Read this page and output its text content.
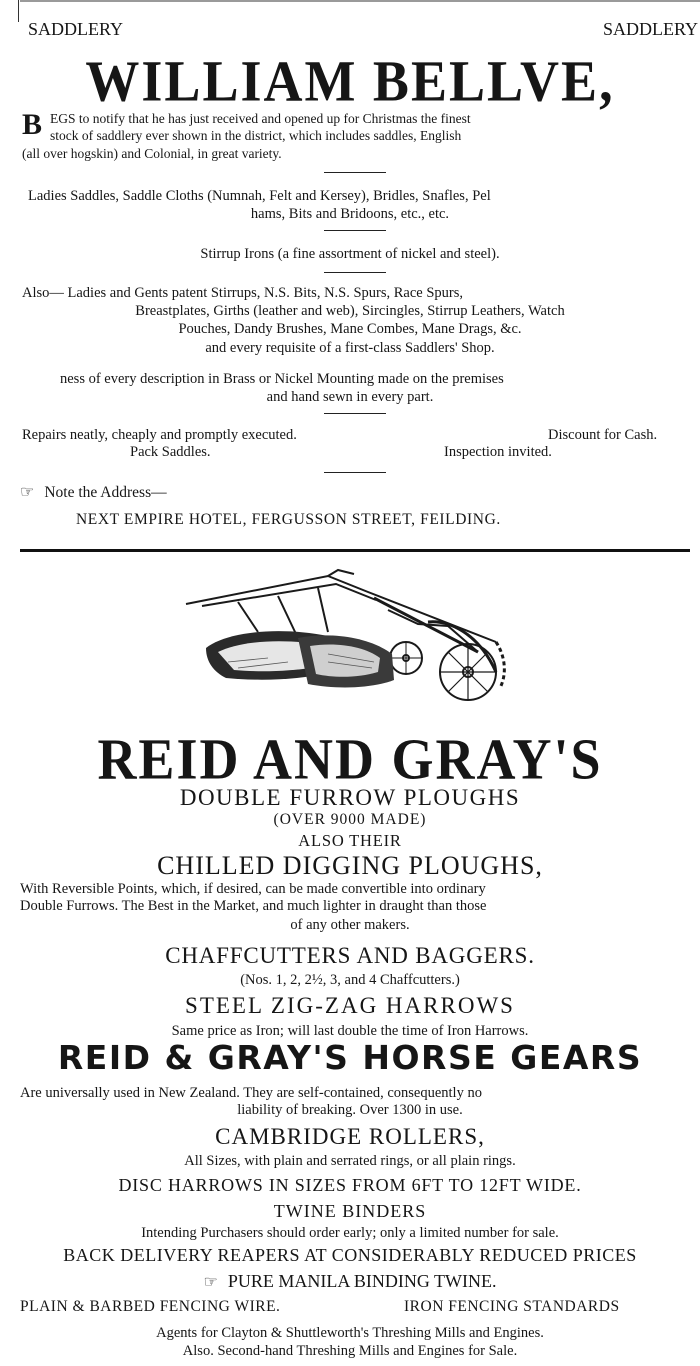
SADDLERY	SADDLERY
WILLIAM BELLVE,
B EGS to notify that he has just received and opened up for Christmas the finest
stock of saddlery ever shown in the district, which includes saddles, English
(all over hogskin) and Colonial, in great variety.
Ladies Saddles, Saddle Cloths (Numnah, Felt and Kersey), Bridles, Snafles, Pel
hams, Bits and Bridoons, etc., etc.
Stirrup Irons (a fine assortment of nickel and steel).
Also— Ladies and Gents patent Stirrups, N.S. Bits, N.S. Spurs, Race Spurs,
Breastplates, Girths (leather and web), Sircingles, Stirrup Leathers, Watch
Pouches, Dandy Brushes, Mane Combes, Mane Drags, &c.
and every requisite of a first-class Saddlers' Shop.
ness of every description in Brass or Nickel Mounting made on the premises
and hand sewn in every part.
Repairs neatly, cheaply and promptly executed.	Discount for Cash.
Pack Saddles.	Inspection invited.
☞ Note the Address—
NEXT EMPIRE HOTEL, FERGUSSON STREET, FEILDING.
REID AND GRAY'S
DOUBLE FURROW PLOUGHS
(OVER 9000 MADE)
ALSO THEIR
CHILLED DIGGING PLOUGHS,
With Reversible Points, which, if desired, can be made convertible into ordinary
Double Furrows. The Best in the Market, and much lighter in draught than those
of any other makers.
CHAFFCUTTERS AND BAGGERS.
(Nos. 1, 2, 2½, 3, and 4 Chaffcutters.)
STEEL ZIG-ZAG HARROWS
Same price as Iron; will last double the time of Iron Harrows.
REID & GRAY'S HORSE GEARS
Are universally used in New Zealand. They are self-contained, consequently no
liability of breaking. Over 1300 in use.
CAMBRIDGE ROLLERS,
All Sizes, with plain and serrated rings, or all plain rings.
DISC HARROWS IN SIZES FROM 6FT TO 12FT WIDE.
TWINE BINDERS
Intending Purchasers should order early; only a limited number for sale.
BACK DELIVERY REAPERS AT CONSIDERABLY REDUCED PRICES
☞ PURE MANILA BINDING TWINE.
PLAIN & BARBED FENCING WIRE.	IRON FENCING STANDARDS
Agents for Clayton & Shuttleworth's Threshing Mills and Engines.
Also. Second-hand Threshing Mills and Engines for Sale.
